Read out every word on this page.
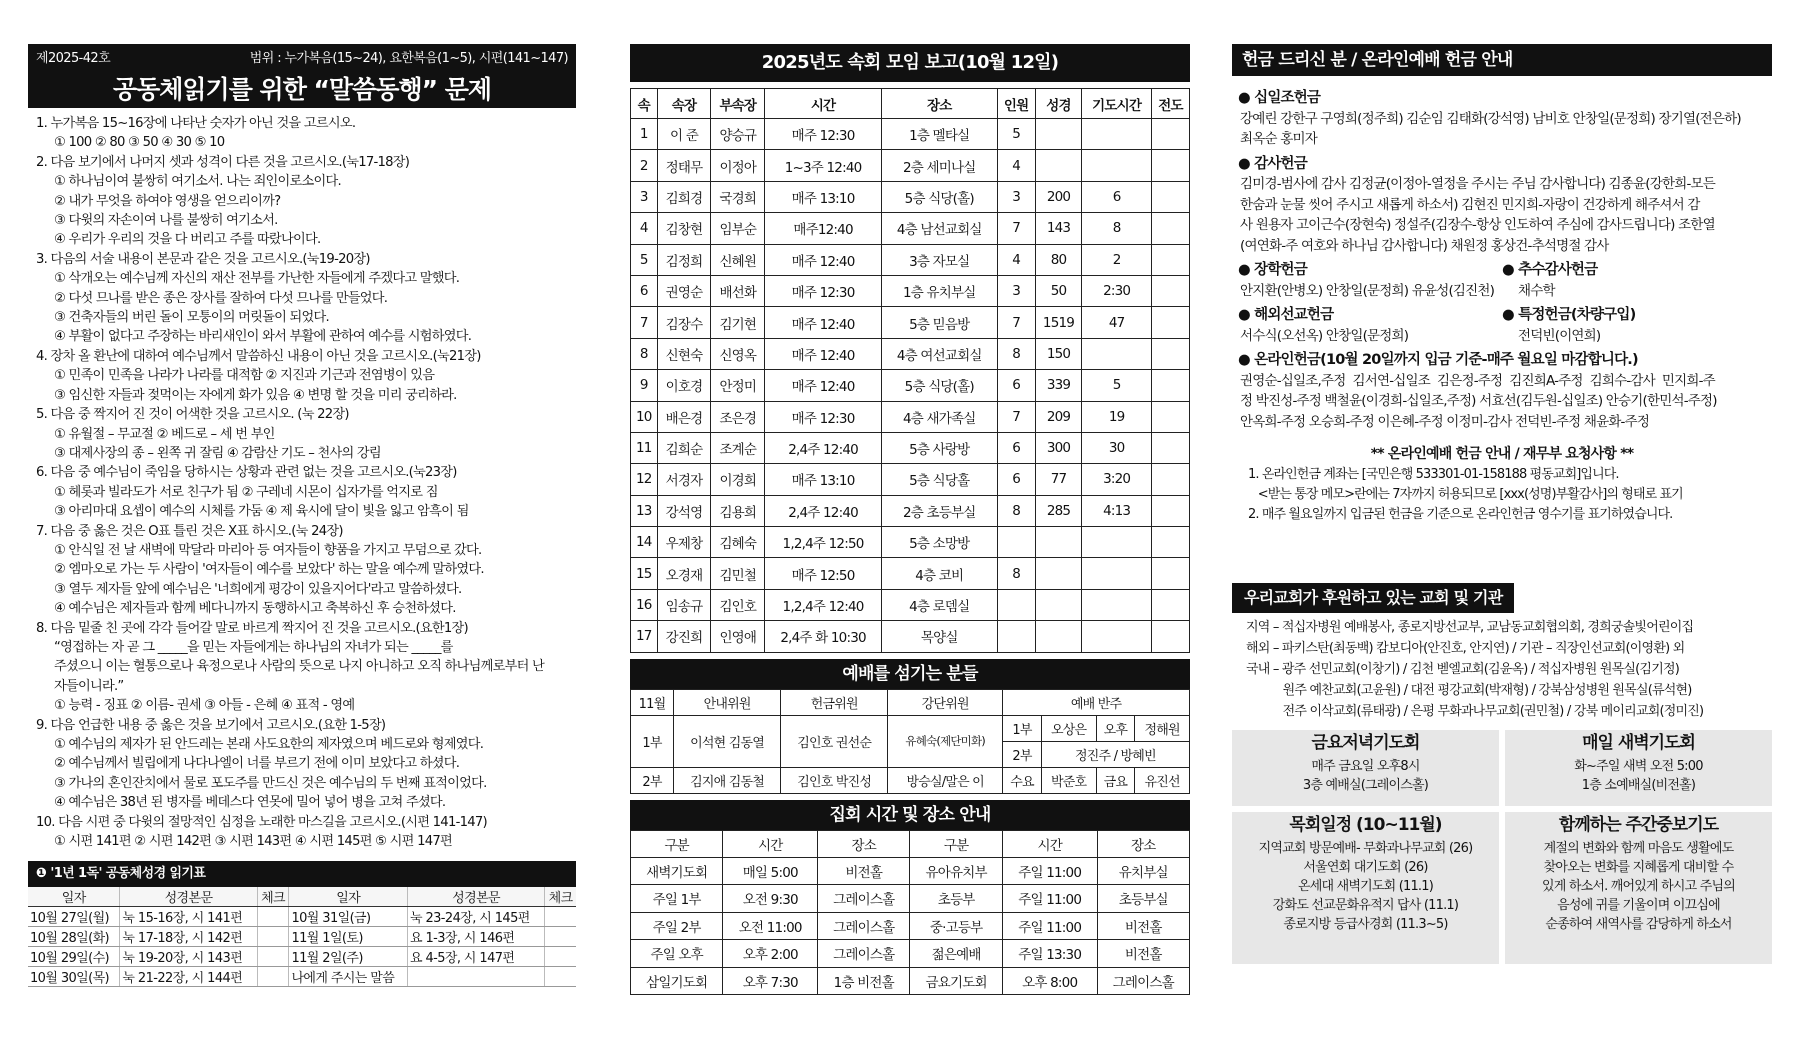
제2025-42호	범위 : 누가복음(15~24), 요한복음(1~5), 시편(141~147)
공동체읽기를 위한 “말씀동행” 문제
1. 누가복음 15~16장에 나타난 숫자가 아닌 것을 고르시오.
① 100 ② 80 ③ 50 ④ 30 ⑤ 10
2. 다음 보기에서 나머지 셋과 성격이 다른 것을 고르시오.(눅17-18장)
① 하나님이여 불쌍히 여기소서. 나는 죄인이로소이다.
② 내가 무엇을 하여야 영생을 얻으리이까?
③ 다윗의 자손이여 나를 불쌍히 여기소서.
④ 우리가 우리의 것을 다 버리고 주를 따랐나이다.
3. 다음의 서술 내용이 본문과 같은 것을 고르시오.(눅19-20장)
① 삭개오는 예수님께 자신의 재산 전부를 가난한 자들에게 주겠다고 말했다.
② 다섯 므나를 받은 종은 장사를 잘하여 다섯 므나를 만들었다.
③ 건축자들의 버린 돌이 모퉁이의 머릿돌이 되었다.
④ 부활이 없다고 주장하는 바리새인이 와서 부활에 관하여 예수를 시험하였다.
4. 장차 올 환난에 대하여 예수님께서 말씀하신 내용이 아닌 것을 고르시오.(눅21장)
① 민족이 민족을 나라가 나라를 대적함 ② 지진과 기근과 전염병이 있음
③ 임신한 자들과 젖먹이는 자에게 화가 있음 ④ 변명 할 것을 미리 궁리하라.
5. 다음 중 짝지어 진 것이 어색한 것을 고르시오. (눅 22장)
① 유월절 – 무교절 ② 베드로 – 세 번 부인
③ 대제사장의 종 – 왼쪽 귀 잘림 ④ 감람산 기도 – 천사의 강림
6. 다음 중 예수님이 죽임을 당하시는 상황과 관련 없는 것을 고르시오.(눅23장)
① 헤롯과 빌라도가 서로 친구가 됨 ② 구레네 시몬이 십자가를 억지로 짐
③ 아리마대 요셉이 예수의 시체를 가둠 ④ 제 육시에 달이 빛을 잃고 암흑이 됨
7. 다음 중 옳은 것은 O표 틀린 것은 X표 하시오.(눅 24장)
① 안식일 전 날 새벽에 막달라 마리아 등 여자들이 향품을 가지고 무덤으로 갔다.
② 엠마오로 가는 두 사람이 '여자들이 예수를 보았다' 하는 말을 예수께 말하였다.
③ 열두 제자들 앞에 예수님은 '너희에게 평강이 있을지어다'라고 말씀하셨다.
④ 예수님은 제자들과 함께 베다니까지 동행하시고 축복하신 후 승천하셨다.
8. 다음 밑줄 친 곳에 각각 들어갈 말로 바르게 짝지어 진 것을 고르시오.(요한1장)
“영접하는 자 곧 그 _____을 믿는 자들에게는 하나님의 자녀가 되는 _____를
주셨으니 이는 혈통으로나 육정으로나 사람의 뜻으로 나지 아니하고 오직 하나님께로부터 난
자들이니라.”
① 능력 - 징표 ② 이름- 권세 ③ 아들 - 은혜 ④ 표적 - 영예
9. 다음 언급한 내용 중 옳은 것을 보기에서 고르시오.(요한 1-5장)
① 예수님의 제자가 된 안드레는 본래 사도요한의 제자였으며 베드로와 형제였다.
② 예수님께서 빌립에게 나다나엘이 너를 부르기 전에 이미 보았다고 하셨다.
③ 가나의 혼인잔치에서 물로 포도주를 만드신 것은 예수님의 두 번째 표적이었다.
④ 예수님은 38년 된 병자를 베데스다 연못에 밀어 넣어 병을 고쳐 주셨다.
10. 다음 시편 중 다윗의 절망적인 심정을 노래한 마스길을 고르시오.(시편 141-147)
① 시편 141편 ② 시편 142편 ③ 시편 143편 ④ 시편 145편 ⑤ 시편 147편
❶ '1년 1독' 공동체성경 읽기표
일자	성경본문	체크	일자	성경본문	체크
10월 27일(월)	눅 15-16장, 시 141편		10월 31일(금)	눅 23-24장, 시 145편	
10월 28일(화)	눅 17-18장, 시 142편		11월 1일(토)	요 1-3장, 시 146편	
10월 29일(수)	눅 19-20장, 시 143편		11월 2일(주)	요 4-5장, 시 147편	
10월 30일(목)	눅 21-22장, 시 144편		나에게 주시는 말씀		
2025년도 속회 모임 보고(10월 12일)
속	속장	부속장	시간	장소	인원	성경	기도시간	전도
1	이 준	양승규	매주 12:30	1층 멜타실	5			
2	정태무	이정아	1~3주 12:40	2층 세미나실	4			
3	김희경	국경희	매주 13:10	5층 식당(홀)	3	200	6	
4	김창현	임부순	매주12:40	4층 남선교회실	7	143	8	
5	김정희	신혜원	매주 12:40	3층 자모실	4	80	2	
6	권영순	배선화	매주 12:30	1층 유치부실	3	50	2:30	
7	김장수	김기현	매주 12:40	5층 믿음방	7	1519	47	
8	신현숙	신영옥	매주 12:40	4층 여선교회실	8	150		
9	이호경	안정미	매주 12:40	5층 식당(홀)	6	339	5	
10	배은경	조은경	매주 12:30	4층 새가족실	7	209	19	
11	김희순	조계순	2,4주 12:40	5층 사랑방	6	300	30	
12	서경자	이경희	매주 13:10	5층 식당홀	6	77	3:20	
13	강석영	김용희	2,4주 12:40	2층 초등부실	8	285	4:13	
14	우제창	김혜숙	1,2,4주 12:50	5층 소망방				
15	오경재	김민철	매주 12:50	4층 코비	8			
16	임송규	김인호	1,2,4주 12:40	4층 로뎀실				
17	강진희	인영애	2,4주 화 10:30	목양실				
예배를 섬기는 분들
11월	안내위원	헌금위원	강단위원	예배 반주			
1부	이석현 김동열	김인호 권선순	유혜숙(제단미화)	1부	오상은	오후	정해원
				2부	정진주 / 방혜빈		
2부	김지애 김동철	김인호 박진성	방승실/말은 이	수요	박준호	금요	유진선

집회 시간 및 장소 안내
구분	시간	장소	구분	시간	장소
새벽기도회	매일 5:00	비전홀	유아유치부	주일 11:00	유치부실
주일 1부	오전 9:30	그레이스홀	초등부	주일 11:00	초등부실
주일 2부	오전 11:00	그레이스홀	중·고등부	주일 11:00	비전홀
주일 오후	오후 2:00	그레이스홀	젊은예배	주일 13:30	비전홀
삼일기도회	오후 7:30	1층 비전홀	금요기도회	오후 8:00	그레이스홀
헌금 드리신 분 / 온라인예배 헌금 안내
● 십일조헌금
강예린 강한구 구영희(정주희) 김순임 김태화(강석영) 남비호 안창일(문정희) 장기열(전은하)
최옥순 홍미자
● 감사헌금
김미경-범사에 감사 김정균(이정아-열정을 주시는 주님 감사합니다) 김종윤(강한희-모든
한숨과 눈물 씻어 주시고 새롭게 하소서) 김현진 민지희-자랑이 건강하게 해주셔서 감
사 원용자 고이근수(장현숙) 정설주(김장수-항상 인도하여 주심에 감사드립니다) 조한열
(여연화-주 여호와 하나님 감사합니다) 채원정 홍상건-추석명절 감사
● 장학헌금
안지환(안병오) 안창일(문정희) 유윤성(김진천)
● 추수감사헌금
채수학
● 해외선교헌금
서수식(오선옥) 안창일(문정희)
● 특정헌금(차량구입)
전덕빈(이연희)
● 온라인헌금(10월 20일까지 입금 기준-매주 월요일 마감합니다.)
권영순-십일조,주정  김서연-십일조  김은정-주정  김진희A-주정  김희수-감사  민지희-주
정 박진성-주정 백철윤(이경희-십일조,주정) 서효선(김두원-십일조) 안승기(한민석-주정)
안옥희-주정 오승희-주정 이은혜-주정 이정미-감사 전덕빈-주정 채윤화-주정
** 온라인예배 헌금 안내 / 재무부 요청사항 **
1. 온라인헌금 계좌는 [국민은행 533301-01-158188 평동교회]입니다.
<받는 통장 메모>란에는 7자까지 허용되므로 [xxx(성명)부활감사]의 형태로 표기
2. 매주 월요일까지 입금된 헌금을 기준으로 온라인헌금 영수기를 표기하였습니다.
우리교회가 후원하고 있는 교회 및 기관
지역 – 적십자병원 예배봉사, 종로지방선교부, 교남동교회협의회, 경희궁솔빛어린이집
해외 – 파키스탄(최동백) 캄보디아(안진호, 안지연) / 기관 – 직장인선교회(이영환) 외
국내 – 광주 선민교회(이창기) / 김천 벧엘교회(김윤옥) / 적십자병원 원목실(김기정)
원주 예찬교회(고윤원) / 대전 평강교회(박재형) / 강북삼성병원 원목실(류석현)
전주 이삭교회(류태광) / 은평 무화과나무교회(권민철) / 강북 메이리교회(정미진)
금요저녁기도회
매주 금요일 오후8시
3층 예배실(그레이스홀)
매일 새벽기도회
화~주일 새벽 오전 5:00
1층 소예배실(비전홀)
목회일정 (10~11월)
지역교회 방문예배- 무화과나무교회 (26)
서울연회 대기도회 (26)
온세대 새벽기도회 (11.1)
강화도 선교문화유적지 답사 (11.1)
종로지방 등급사경회 (11.3~5)
함께하는 주간중보기도
계절의 변화와 함께 마음도 생활에도
찾아오는 변화를 지혜롭게 대비할 수
있게 하소서. 깨어있게 하시고 주님의
음성에 귀를 기울이며 이끄심에
순종하여 새역사를 감당하게 하소서
